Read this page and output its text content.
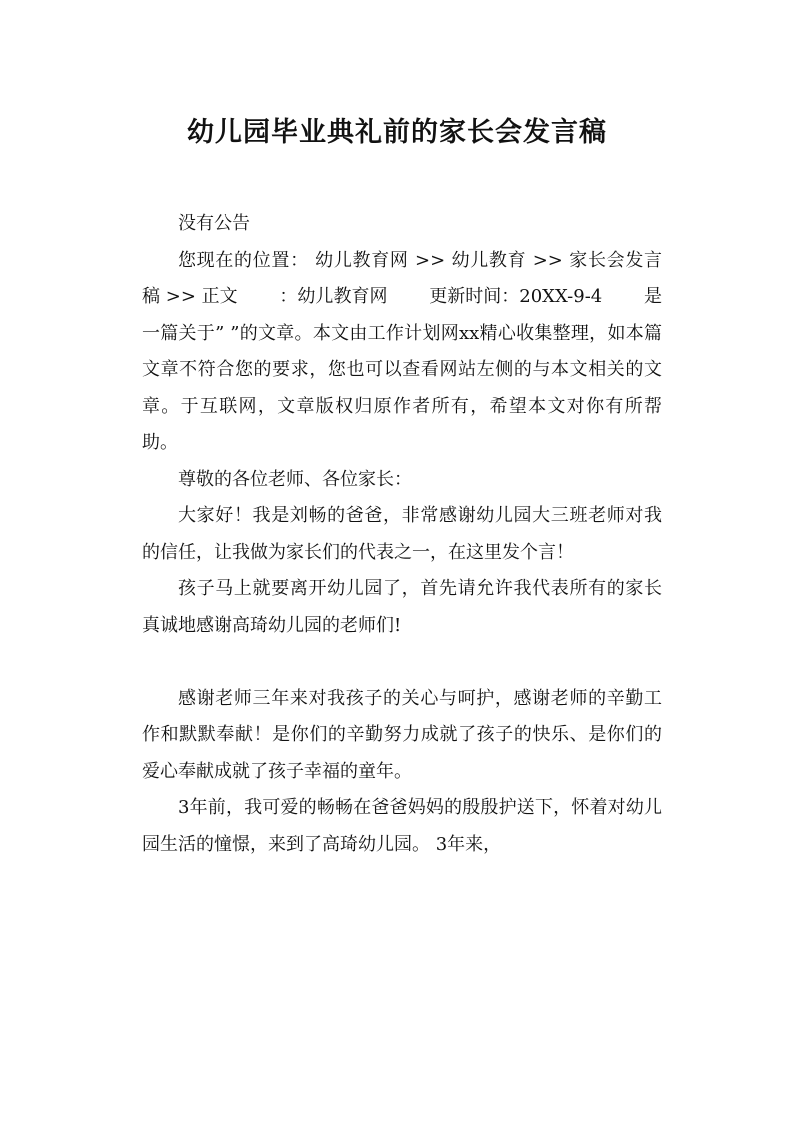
幼儿园毕业典礼前的家长会发言稿

没有公告

您现在的位置： 幼儿教育网 >> 幼儿教育 >> 家长会发言稿 >> 正文 　　：幼儿教育网 　　更新时间：20XX-9-4 　　是一篇关于” ”的文章。本文由工作计划网xx精心收集整理，如本篇文章不符合您的要求，您也可以查看网站左侧的与本文相关的文章。于互联网，文章版权归原作者所有，希望本文对你有所帮助。

尊敬的各位老师、各位家长：

大家好！我是刘畅的爸爸，非常感谢幼儿园大三班老师对我的信任，让我做为家长们的代表之一，在这里发个言！

孩子马上就要离开幼儿园了，首先请允许我代表所有的家长真诚地感谢高琦幼儿园的老师们!

感谢老师三年来对我孩子的关心与呵护，感谢老师的辛勤工作和默默奉献！是你们的辛勤努力成就了孩子的快乐、是你们的爱心奉献成就了孩子幸福的童年。

3年前，我可爱的畅畅在爸爸妈妈的殷殷护送下，怀着对幼儿园生活的憧憬，来到了高琦幼儿园。 3年来，
